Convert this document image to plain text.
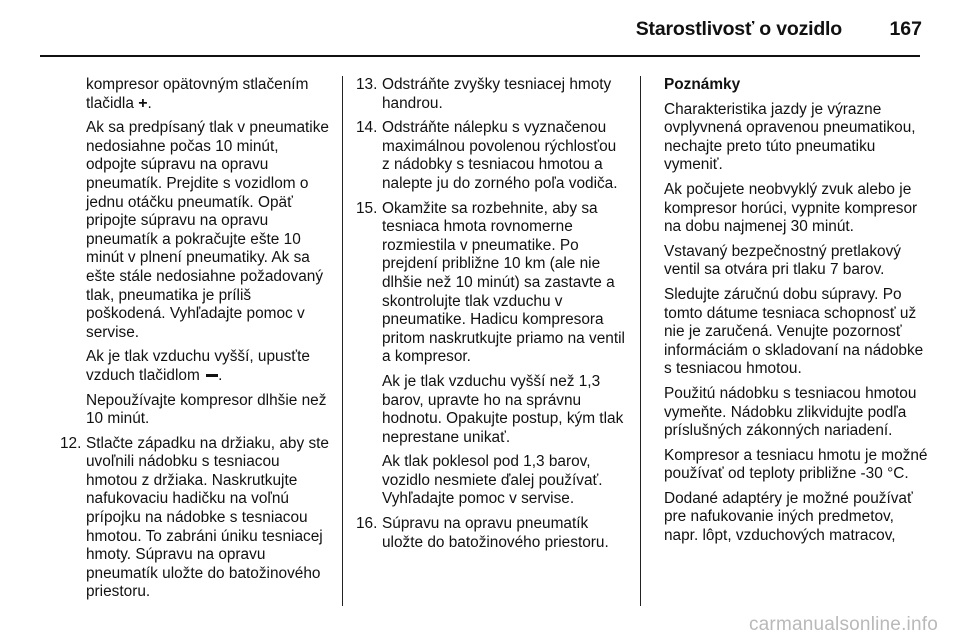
Starostlivosť o vozidlo 167

kompresor opätovným stlačením tlačidla +.

Ak sa predpísaný tlak v pneumatike nedosiahne počas 10 minút, odpojte súpravu na opravu pneumatík. Prejdite s vozidlom o jednu otáčku pneumatík. Opäť pripojte súpravu na opravu pneumatík a pokračujte ešte 10 minút v plnení pneumatiky. Ak sa ešte stále nedosiahne požadovaný tlak, pneumatika je príliš poškodená. Vyhľadajte pomoc v servise.

Ak je tlak vzduchu vyšší, upusťte vzduch tlačidlom .

Nepoužívajte kompresor dlhšie než 10 minút.

12. Stlačte západku na držiaku, aby ste uvoľnili nádobku s tesniacou hmotou z držiaka. Naskrutkujte nafukovaciu hadičku na voľnú prípojku na nádobke s tesniacou hmotou. To zabráni úniku tesniacej hmoty. Súpravu na opravu pneumatík uložte do batožinového priestoru.
13. Odstráňte zvyšky tesniacej hmoty handrou.
14. Odstráňte nálepku s vyznačenou maximálnou povolenou rýchlosťou z nádobky s tesniacou hmotou a nalepte ju do zorného poľa vodiča.
15. Okamžite sa rozbehnite, aby sa tesniaca hmota rovnomerne rozmiestila v pneumatike. Po prejdení približne 10 km (ale nie dlhšie než 10 minút) sa zastavte a skontrolujte tlak vzduchu v pneumatike. Hadicu kompresora pritom naskrutkujte priamo na ventil a kompresor.

Ak je tlak vzduchu vyšší než 1,3 barov, upravte ho na správnu hodnotu. Opakujte postup, kým tlak neprestane unikať.

Ak tlak poklesol pod 1,3 barov, vozidlo nesmiete ďalej používať. Vyhľadajte pomoc v servise.

16. Súpravu na opravu pneumatík uložte do batožinového priestoru.

Poznámky

Charakteristika jazdy je výrazne ovplyvnená opravenou pneumatikou, nechajte preto túto pneumatiku vymeniť.

Ak počujete neobvyklý zvuk alebo je kompresor horúci, vypnite kompresor na dobu najmenej 30 minút.

Vstavaný bezpečnostný pretlakový ventil sa otvára pri tlaku 7 barov.

Sledujte záručnú dobu súpravy. Po tomto dátume tesniaca schopnosť už nie je zaručená. Venujte pozornosť informáciám o skladovaní na nádobke s tesniacou hmotou.

Použitú nádobku s tesniacou hmotou vymeňte. Nádobku zlikvidujte podľa príslušných zákonných nariadení.

Kompresor a tesniacu hmotu je možné používať od teploty približne -30 °C.

Dodané adaptéry je možné používať pre nafukovanie iných predmetov, napr. lôpt, vzduchových matracov,

carmanualsonline.info
